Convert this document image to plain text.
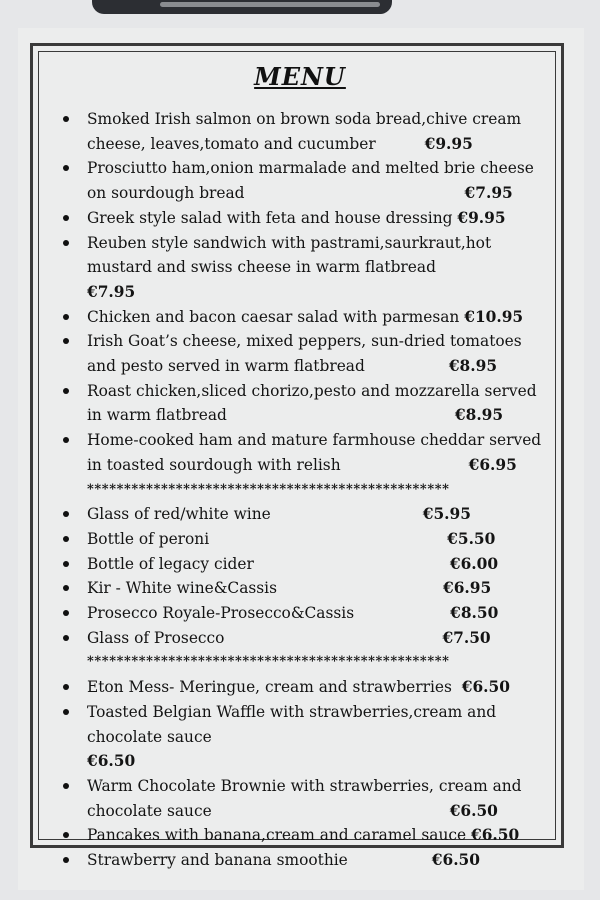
MENU
Smoked Irish salmon on brown soda bread,chive cream cheese, leaves,tomato and cucumber	€9.95
Prosciutto ham,onion marmalade and melted brie cheese on sourdough bread	€7.95
Greek style salad with feta and house dressing €9.95
Reuben style sandwich with pastrami,saurkraut,hot mustard and swiss cheese in warm flatbread€7.95
Chicken and bacon caesar salad with parmesan €10.95
Irish Goat’s cheese, mixed peppers, sun-dried tomatoes and pesto served in warm flatbread	€8.95
Roast chicken,sliced chorizo,pesto and mozzarella served in warm flatbread	€8.95
Home-cooked ham and mature farmhouse cheddar served in toasted sourdough with relish	€6.95
*************************************************
Glass of red/white wine	€5.95
Bottle of peroni	€5.50
Bottle of legacy cider	€6.00
Kir - White wine&Cassis	€6.95
Prosecco Royale-Prosecco&Cassis	€8.50
Glass of Prosecco	€7.50
*************************************************
Eton Mess- Meringue, cream and strawberries €6.50
Toasted Belgian Waffle with strawberries,cream and chocolate sauce€6.50
Warm Chocolate Brownie with strawberries, cream and chocolate sauce	€6.50
Pancakes with banana,cream and caramel sauce €6.50
Strawberry and banana smoothie	€6.50
